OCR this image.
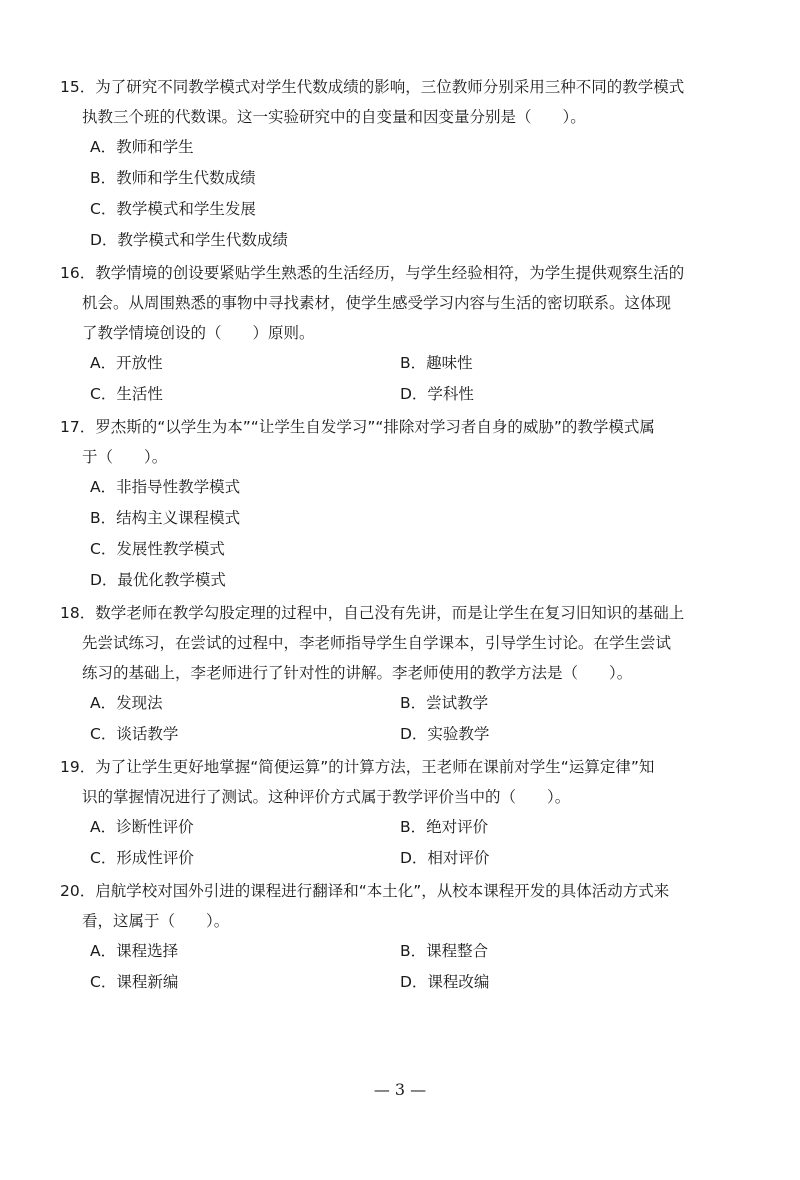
15．为了研究不同教学模式对学生代数成绩的影响，三位教师分别采用三种不同的教学模式
执教三个班的代数课。这一实验研究中的自变量和因变量分别是（　　）。
A．教师和学生
B．教师和学生代数成绩
C．教学模式和学生发展
D．教学模式和学生代数成绩
16．教学情境的创设要紧贴学生熟悉的生活经历，与学生经验相符，为学生提供观察生活的
机会。从周围熟悉的事物中寻找素材，使学生感受学习内容与生活的密切联系。这体现
了教学情境创设的（　　）原则。
A．开放性	B．趣味性
C．生活性	D．学科性
17．罗杰斯的“以学生为本”“让学生自发学习”“排除对学习者自身的威胁”的教学模式属
于（　　）。
A．非指导性教学模式
B．结构主义课程模式
C．发展性教学模式
D．最优化教学模式
18．数学老师在教学勾股定理的过程中，自己没有先讲，而是让学生在复习旧知识的基础上
先尝试练习，在尝试的过程中，李老师指导学生自学课本，引导学生讨论。在学生尝试
练习的基础上，李老师进行了针对性的讲解。李老师使用的教学方法是（　　）。
A．发现法	B．尝试教学
C．谈话教学	D．实验教学
19．为了让学生更好地掌握“简便运算”的计算方法，王老师在课前对学生“运算定律”知
识的掌握情况进行了测试。这种评价方式属于教学评价当中的（　　）。
A．诊断性评价	B．绝对评价
C．形成性评价	D．相对评价
20．启航学校对国外引进的课程进行翻译和“本土化”，从校本课程开发的具体活动方式来
看，这属于（　　）。
A．课程选择	B．课程整合
C．课程新编	D．课程改编
— 3 —
